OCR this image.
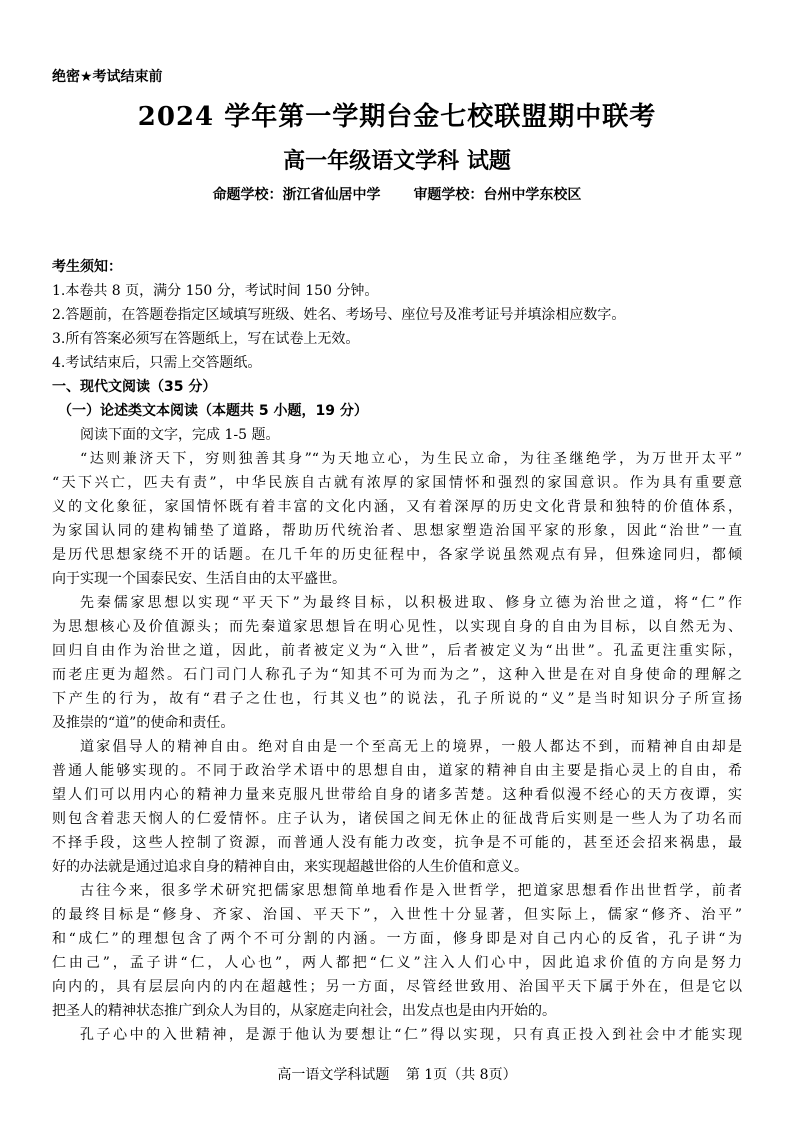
绝密★考试结束前
2024 学年第一学期台金七校联盟期中联考
高一年级语文学科 试题
命题学校：浙江省仙居中学 审题学校：台州中学东校区
考生须知：
1.本卷共 8 页，满分 150 分，考试时间 150 分钟。
2.答题前，在答题卷指定区域填写班级、姓名、考场号、座位号及准考证号并填涂相应数字。
3.所有答案必须写在答题纸上，写在试卷上无效。
4.考试结束后，只需上交答题纸。
一、现代文阅读（35 分）
（一）论述类文本阅读（本题共 5 小题，19 分）
阅读下面的文字，完成 1-5 题。
“达则兼济天下，穷则独善其身”“为天地立心，为生民立命，为往圣继绝学，为万世开太平”
“天下兴亡，匹夫有责”，中华民族自古就有浓厚的家国情怀和强烈的家国意识。作为具有重要意
义的文化象征，家国情怀既有着丰富的文化内涵，又有着深厚的历史文化背景和独特的价值体系，
为家国认同的建构铺垫了道路，帮助历代统治者、思想家塑造治国平家的形象，因此“治世”一直
是历代思想家绕不开的话题。在几千年的历史征程中，各家学说虽然观点有异，但殊途同归，都倾
向于实现一个国泰民安、生活自由的太平盛世。
先秦儒家思想以实现“平天下”为最终目标，以积极进取、修身立德为治世之道，将“仁”作
为思想核心及价值源头；而先秦道家思想旨在明心见性，以实现自身的自由为目标，以自然无为、
回归自由作为治世之道，因此，前者被定义为“入世”，后者被定义为“出世”。孔孟更注重实际，
而老庄更为超然。石门司门人称孔子为“知其不可为而为之”，这种入世是在对自身使命的理解之
下产生的行为，故有“君子之仕也，行其义也”的说法，孔子所说的“义”是当时知识分子所宣扬
及推崇的“道”的使命和责任。
道家倡导人的精神自由。绝对自由是一个至高无上的境界，一般人都达不到，而精神自由却是
普通人能够实现的。不同于政治学术语中的思想自由，道家的精神自由主要是指心灵上的自由，希
望人们可以用内心的精神力量来克服凡世带给自身的诸多苦楚。这种看似漫不经心的天方夜谭，实
则包含着悲天悯人的仁爱情怀。庄子认为，诸侯国之间无休止的征战背后实则是一些人为了功名而
不择手段，这些人控制了资源，而普通人没有能力改变，抗争是不可能的，甚至还会招来祸患，最
好的办法就是通过追求自身的精神自由，来实现超越世俗的人生价值和意义。
古往今来，很多学术研究把儒家思想简单地看作是入世哲学，把道家思想看作出世哲学，前者
的最终目标是“修身、齐家、治国、平天下”，入世性十分显著，但实际上，儒家“修齐、治平”
和“成仁”的理想包含了两个不可分割的内涵。一方面，修身即是对自己内心的反省，孔子讲“为
仁由己”，孟子讲“仁，人心也”，两人都把“仁义”注入人们心中，因此追求价值的方向是努力
向内的，具有层层向内的内在超越性；另一方面，尽管经世致用、治国平天下属于外在，但是它以
把圣人的精神状态推广到众人为目的，从家庭走向社会，出发点也是由内开始的。
孔子心中的入世精神，是源于他认为要想让“仁”得以实现，只有真正投入到社会中才能实现
高一语文学科试题 第 1页（共 8页）
